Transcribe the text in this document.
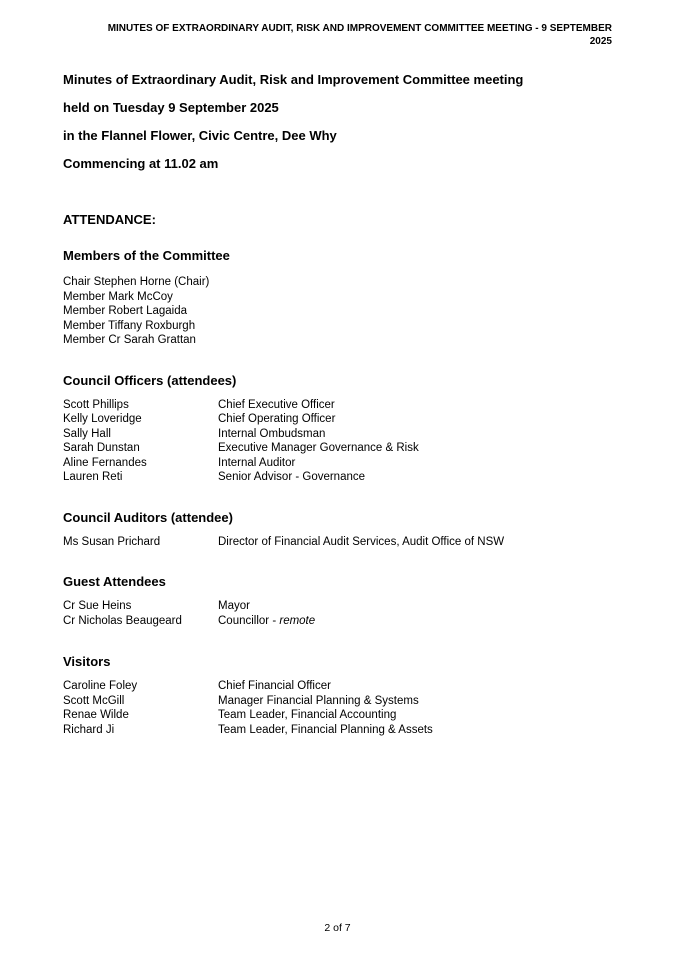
MINUTES OF EXTRAORDINARY AUDIT, RISK AND IMPROVEMENT COMMITTEE MEETING - 9 SEPTEMBER
2025
Minutes of Extraordinary Audit, Risk and Improvement Committee meeting
held on Tuesday 9 September 2025
in the Flannel Flower, Civic Centre, Dee Why
Commencing at 11.02 am
ATTENDANCE:
Members of the Committee
Chair Stephen Horne (Chair)
Member Mark McCoy
Member Robert Lagaida
Member Tiffany Roxburgh
Member Cr Sarah Grattan
Council Officers (attendees)
Scott Phillips	Chief Executive Officer
Kelly Loveridge	Chief Operating Officer
Sally Hall	Internal Ombudsman
Sarah Dunstan	Executive Manager Governance & Risk
Aline Fernandes	Internal Auditor
Lauren Reti	Senior Advisor - Governance
Council Auditors (attendee)
Ms Susan Prichard	Director of Financial Audit Services, Audit Office of NSW
Guest Attendees
Cr Sue Heins	Mayor
Cr Nicholas Beaugeard	Councillor - remote
Visitors
Caroline Foley	Chief Financial Officer
Scott McGill	Manager Financial Planning & Systems
Renae Wilde	Team Leader, Financial Accounting
Richard Ji	Team Leader, Financial Planning & Assets
2 of 7
